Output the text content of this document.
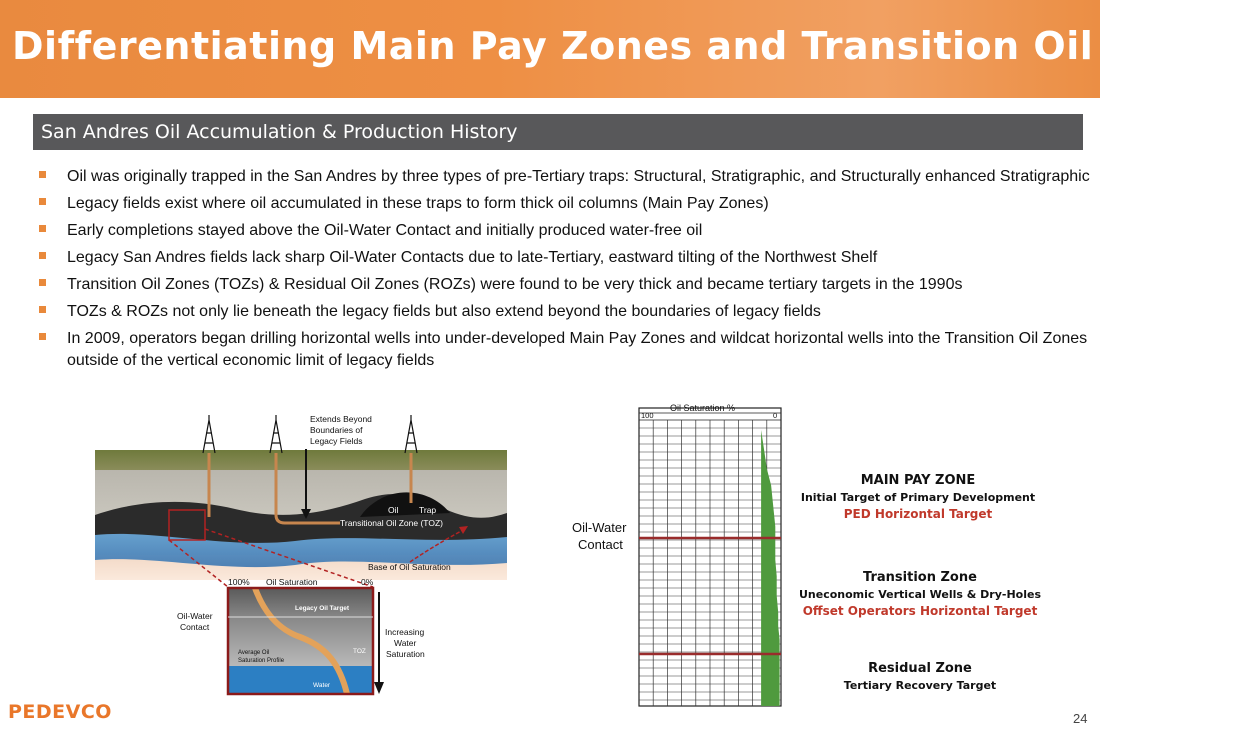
Differentiating Main Pay Zones and Transition Oil Zones
San Andres Oil Accumulation & Production History
Oil was originally trapped in the San Andres by three types of pre-Tertiary traps: Structural, Stratigraphic, and Structurally enhanced Stratigraphic
Legacy fields exist where oil accumulated in these traps to form thick oil columns (Main Pay Zones)
Early completions stayed above the Oil-Water Contact and initially produced water-free oil
Legacy San Andres fields lack sharp Oil-Water Contacts due to late-Tertiary, eastward tilting of the Northwest Shelf
Transition Oil Zones (TOZs) & Residual Oil Zones (ROZs) were found to be very thick and became tertiary targets in the 1990s
TOZs & ROZs not only lie beneath the legacy fields but also extend beyond the boundaries of legacy fields
In 2009, operators began drilling horizontal wells into under-developed Main Pay Zones and wildcat horizontal wells into the Transition Oil Zones outside of the vertical economic limit of legacy fields
Extends Beyond
Boundaries of
Legacy Fields
Oil Trap
Transitional Oil Zone (TOZ)
Base of Oil Saturation
100% Oil Saturation	0%
Legacy Oil Target
Average Oil
Saturation Profile
TOZ
Water
Oil-Water
Contact	Increasing
Water
Saturation
Oil Saturation %
100	0
Oil-Water
Contact
MAIN PAY ZONE
Initial Target of Primary Development
PED Horizontal Target
Transition Zone
Uneconomic Vertical Wells & Dry-Holes
Offset Operators Horizontal Target
Residual Zone
Tertiary Recovery Target
PEDEVCO	24
